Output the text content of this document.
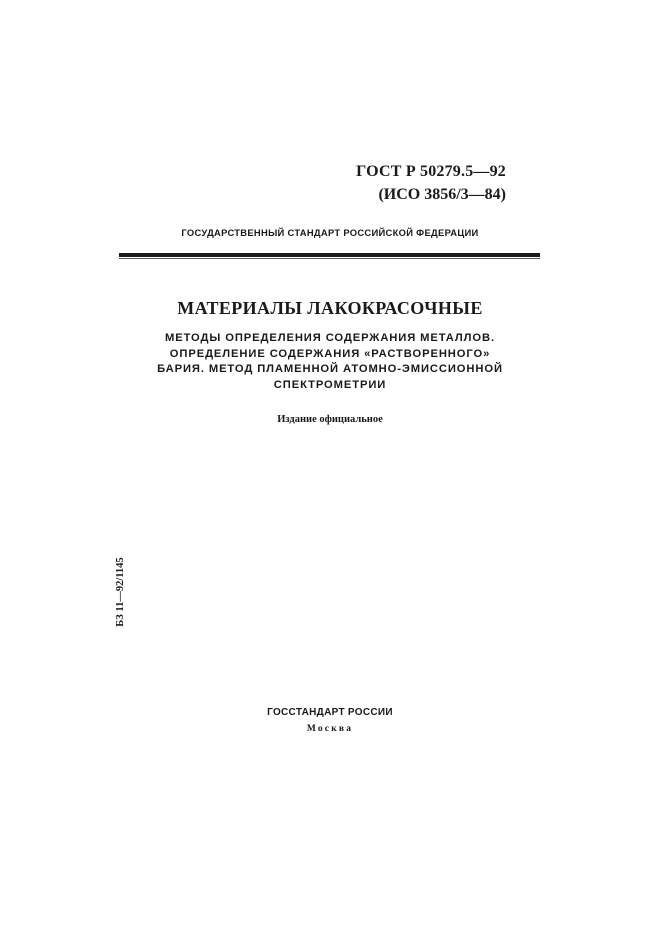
ГОСТ Р 50279.5—92
(ИСО 3856/3—84)
ГОСУДАРСТВЕННЫЙ СТАНДАРТ РОССИЙСКОЙ ФЕДЕРАЦИИ
МАТЕРИАЛЫ ЛАКОКРАСОЧНЫЕ
МЕТОДЫ ОПРЕДЕЛЕНИЯ СОДЕРЖАНИЯ МЕТАЛЛОВ.
ОПРЕДЕЛЕНИЕ СОДЕРЖАНИЯ «РАСТВОРЕННОГО»
БАРИЯ. МЕТОД ПЛАМЕННОЙ АТОМНО-ЭМИССИОННОЙ
СПЕКТРОМЕТРИИ
Издание официальное
БЗ 11—92/1145
ГОССТАНДАРТ РОССИИ
Москва
